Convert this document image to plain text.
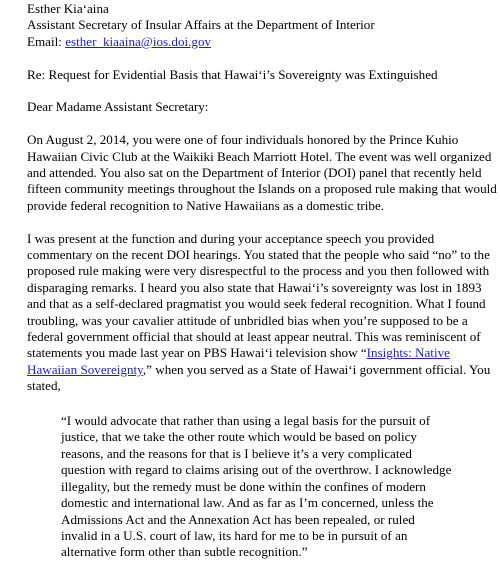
Esther Kia‘aina
Assistant Secretary of Insular Affairs at the Department of Interior
Email: esther_kiaaina@ios.doi.gov
Re: Request for Evidential Basis that Hawai‘i’s Sovereignty was Extinguished
Dear Madame Assistant Secretary:
On August 2, 2014, you were one of four individuals honored by the Prince Kuhio
Hawaiian Civic Club at the Waikiki Beach Marriott Hotel. The event was well organized
and attended. You also sat on the Department of Interior (DOI) panel that recently held
fifteen community meetings throughout the Islands on a proposed rule making that would
provide federal recognition to Native Hawaiians as a domestic tribe.
I was present at the function and during your acceptance speech you provided
commentary on the recent DOI hearings. You stated that the people who said “no” to the
proposed rule making were very disrespectful to the process and you then followed with
disparaging remarks. I heard you also state that Hawai‘i’s sovereignty was lost in 1893
and that as a self-declared pragmatist you would seek federal recognition. What I found
troubling, was your cavalier attitude of unbridled bias when you’re supposed to be a
federal government official that should at least appear neutral. This was reminiscent of
statements you made last year on PBS Hawai‘i television show “Insights: Native
Hawaiian Sovereignty,” when you served as a State of Hawai‘i government official. You
stated,
“I would advocate that rather than using a legal basis for the pursuit of
justice, that we take the other route which would be based on policy
reasons, and the reasons for that is I believe it’s a very complicated
question with regard to claims arising out of the overthrow. I acknowledge
illegality, but the remedy must be done within the confines of modern
domestic and international law. And as far as I’m concerned, unless the
Admissions Act and the Annexation Act has been repealed, or ruled
invalid in a U.S. court of law, its hard for me to be in pursuit of an
alternative form other than subtle recognition.”
